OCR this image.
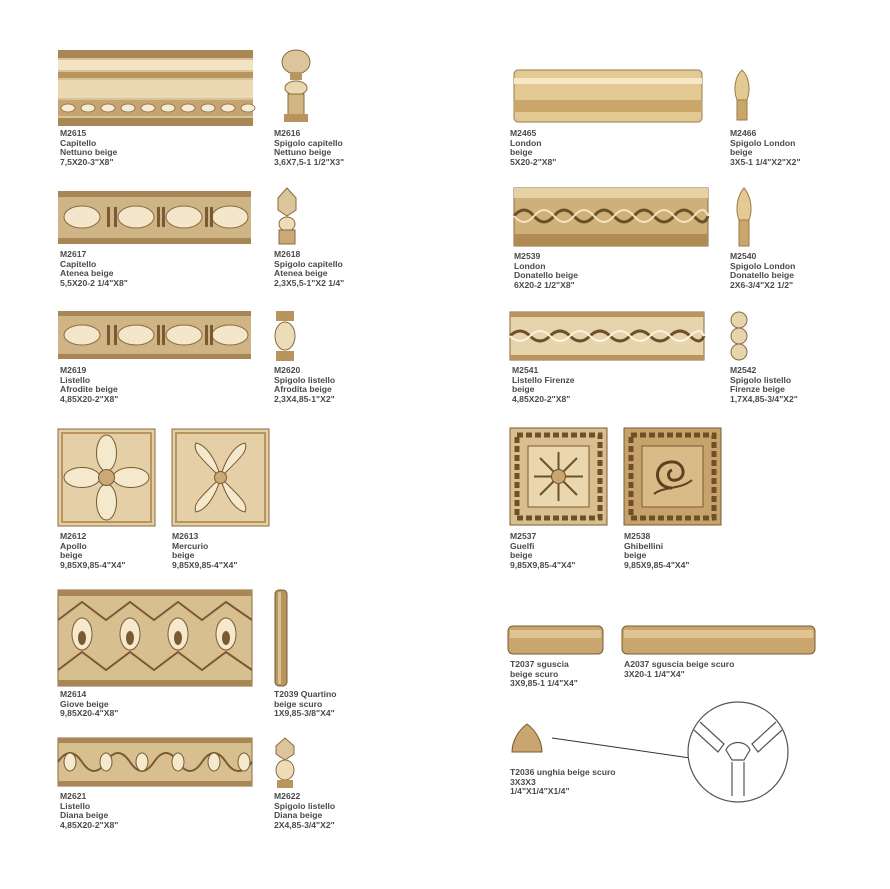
M2615
Capitello
Nettuno beige
7,5X20-3"X8"
M2616
Spigolo capitello
Nettuno beige
3,6X7,5-1 1/2"X3"
M2617
Capitello
Atenea beige
5,5X20-2 1/4"X8"
M2618
Spigolo capitello
Atenea beige
2,3X5,5-1"X2 1/4"
M2619
Listello
Afrodite beige
4,85X20-2"X8"
M2620
Spigolo listello
Afrodita beige
2,3X4,85-1"X2"
M2612
Apollo
beige
9,85X9,85-4"X4"
M2613
Mercurio
beige
9,85X9,85-4"X4"
M2614
Giove beige
9,85X20-4"X8"
T2039 Quartino
beige scuro
1X9,85-3/8"X4"
M2621
Listello
Diana beige
4,85X20-2"X8"
M2622
Spigolo listello
Diana beige
2X4,85-3/4"X2"
M2465
London
beige
5X20-2"X8"
M2466
Spigolo London
beige
3X5-1 1/4"X2"X2"
M2539
London
Donatello beige
6X20-2 1/2"X8"
M2540
Spigolo London
Donatello beige
2X6-3/4"X2 1/2"
M2541
Listello Firenze
beige
4,85X20-2"X8"
M2542
Spigolo listello
Firenze beige
1,7X4,85-3/4"X2"
M2537
Guelfi
beige
9,85X9,85-4"X4"
M2538
Ghibellini
beige
9,85X9,85-4"X4"
T2037 sguscia
beige scuro
3X9,85-1 1/4"X4"
A2037 sguscia beige scuro
3X20-1 1/4"X4"
T2036 unghia beige scuro
3X3X3
1/4"X1/4"X1/4"
